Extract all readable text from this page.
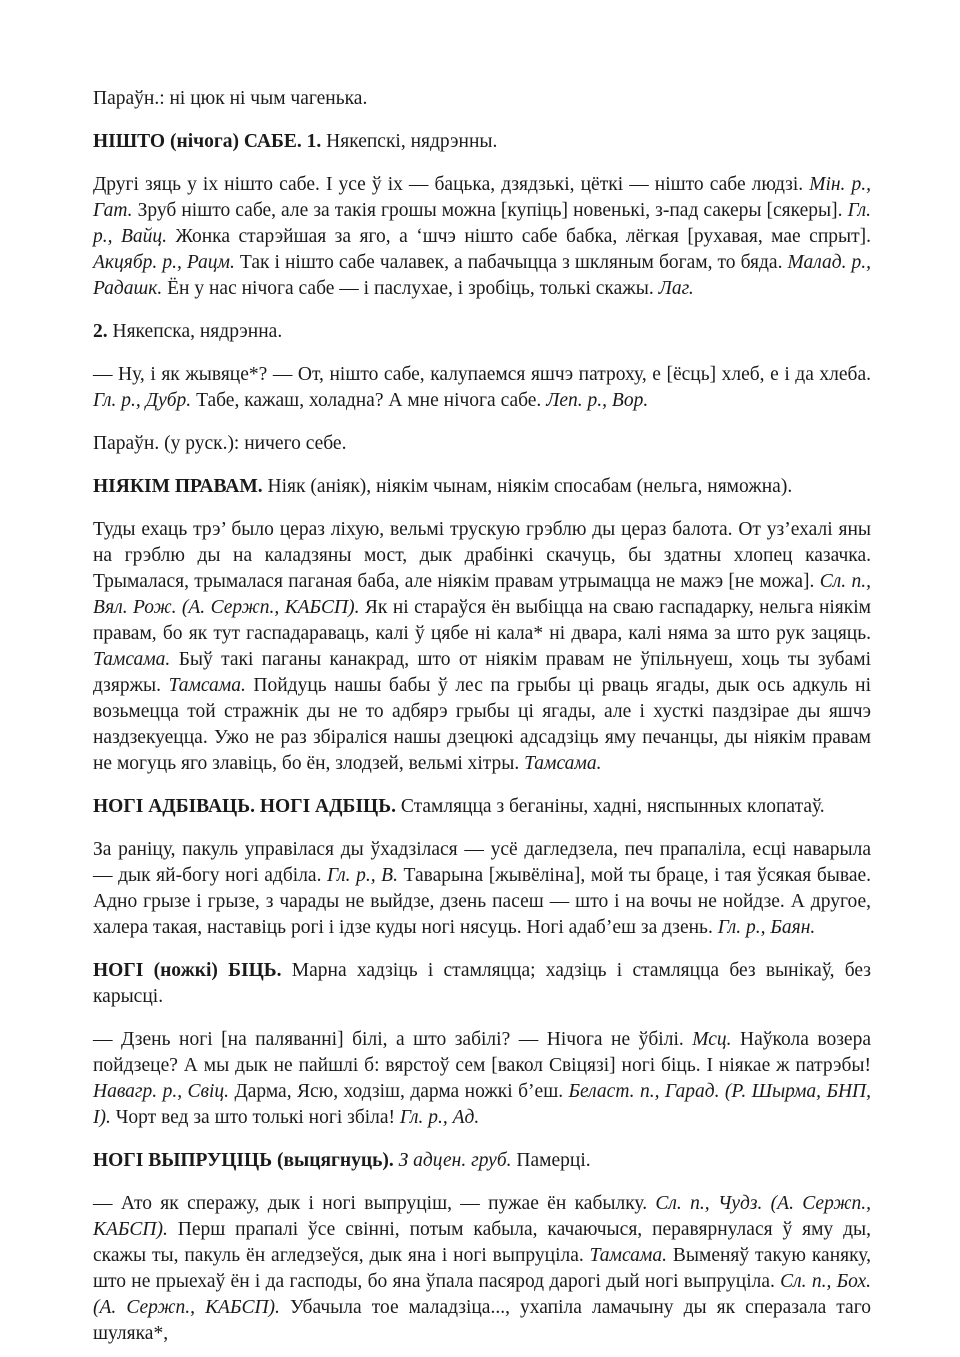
Параўн.: ні цюк ні чым чагенька.

НІШТО (нічога) САБЕ. 1. Някепскі, нядрэнны.

Другі зяць у іх нішто сабе. І усе ў іх — бацька, дзядзькі, цёткі — нішто сабе людзі. Мін. р., Гат. Зруб нішто сабе, але за такія грошы можна [купіць] новенькі, з-пад сакеры [сякеры]. Гл. р., Вайц. Жонка старэйшая за яго, а ‘шчэ нішто сабе бабка, лёгкая [рухавая, мае спрыт]. Акцябр. р., Рацм. Так і нішто сабе чалавек, а пабачыцца з шкляным богам, то бяда. Малад. р., Радашк. Ён у нас нічога сабе — і паслухае, і зробіць, толькі скажы. Лаг.

2. Някепска, нядрэнна.

— Ну, і як жывяце*? — От, нішто сабе, калупаемся яшчэ патроху, е [ёсць] хлеб, е і да хлеба. Гл. р., Дубр. Табе, кажаш, холадна? А мне нічога сабе. Леп. р., Вор.

Параўн. (у руск.): ничего себе.

НІЯКІМ ПРАВАМ. Ніяк (аніяк), ніякім чынам, ніякім спосабам (нельга, няможна).

Туды ехаць трэ’ было цераз ліхую, вельмі трускую грэблю ды цераз балота. От уз’ехалі яны на грэблю ды на каладзяны мост, дык драбінкі скачуць, бы здатны хлопец казачка. Трымалася, трымалася паганая баба, але ніякім правам утрымацца не мажэ [не можа]. Сл. п., Вял. Рож. (А. Сержп., КАБСП). Як ні стараўся ён выбіцца на сваю гаспадарку, нельга ніякім правам, бо як тут гаспадараваць, калі ў цябе ні кала* ні двара, калі няма за што рук зацяць. Тамсама. Быў такі паганы канакрад, што от ніякім правам не ўпільнуеш, хоць ты зубамі дзяржы. Тамсама. Пойдуць нашы бабы ў лес па грыбы ці рваць ягады, дык ось адкуль ні возьмецца той стражнік ды не то адбярэ грыбы ці ягады, але і хусткі паздзірае ды яшчэ наздзекуецца. Ужо не раз збіраліся нашы дзецюкі адсадзіць яму печанцы, ды ніякім правам не могуць яго злавіць, бо ён, злодзей, вельмі хітры. Тамсама.

НОГІ АДБІВАЦЬ. НОГІ АДБІЦЬ. Стамляцца з беганіны, хадні, няспынных клопатаў.

За раніцу, пакуль управілася ды ўхадзілася — усё дагледзела, печ прапаліла, есці наварыла — дык яй-богу ногі адбіла. Гл. р., В. Таварына [жывёліна], мой ты браце, і тая ўсякая бывае. Адно грызе і грызе, з чарады не выйдзе, дзень пасеш — што і на вочы не нойдзе. А другое, халера такая, наставіць рогі і ідзе куды ногі нясуць. Ногі адаб’еш за дзень. Гл. р., Баян.

НОГІ (ножкі) БІЦЬ. Марна хадзіць і стамляцца; хадзіць і стамляцца без вынікаў, без карысці.

— Дзень ногі [на паляванні] білі, а што забілі? — Нічога не ўбілі. Мсц. Наўкола возера пойдзеце? А мы дык не пайшлі б: вярстоў сем [вакол Свіцязі] ногі біць. І ніякае ж патрэбы! Навагр. р., Свіц. Дарма, Ясю, ходзіш, дарма ножкі б’еш. Беласт. п., Гарад. (Р. Шырма, БНП, І). Чорт вед за што толькі ногі збіла! Гл. р., Ад.

НОГІ ВЫПРУЦІЦЬ (выцягнуць). З адцен. груб. Памерці.

— Ато як сперажу, дык і ногі выпруціш, — пужае ён кабылку. Сл. п., Чудз. (А. Сержп., КАБСП). Перш прапалі ўсе свінні, потым кабыла, качаючыся, перавярнулася ў яму ды, скажы ты, пакуль ён агледзеўся, дык яна і ногі выпруціла. Тамсама. Выменяў такую каняку, што не прыехаў ён і да гасподы, бо яна ўпала пасярод дарогі дый ногі выпруціла. Сл. п., Бох. (А. Сержп., КАБСП). Убачыла тое маладзіца..., ухапіла ламачыну ды як сперазала таго шуляка*,
